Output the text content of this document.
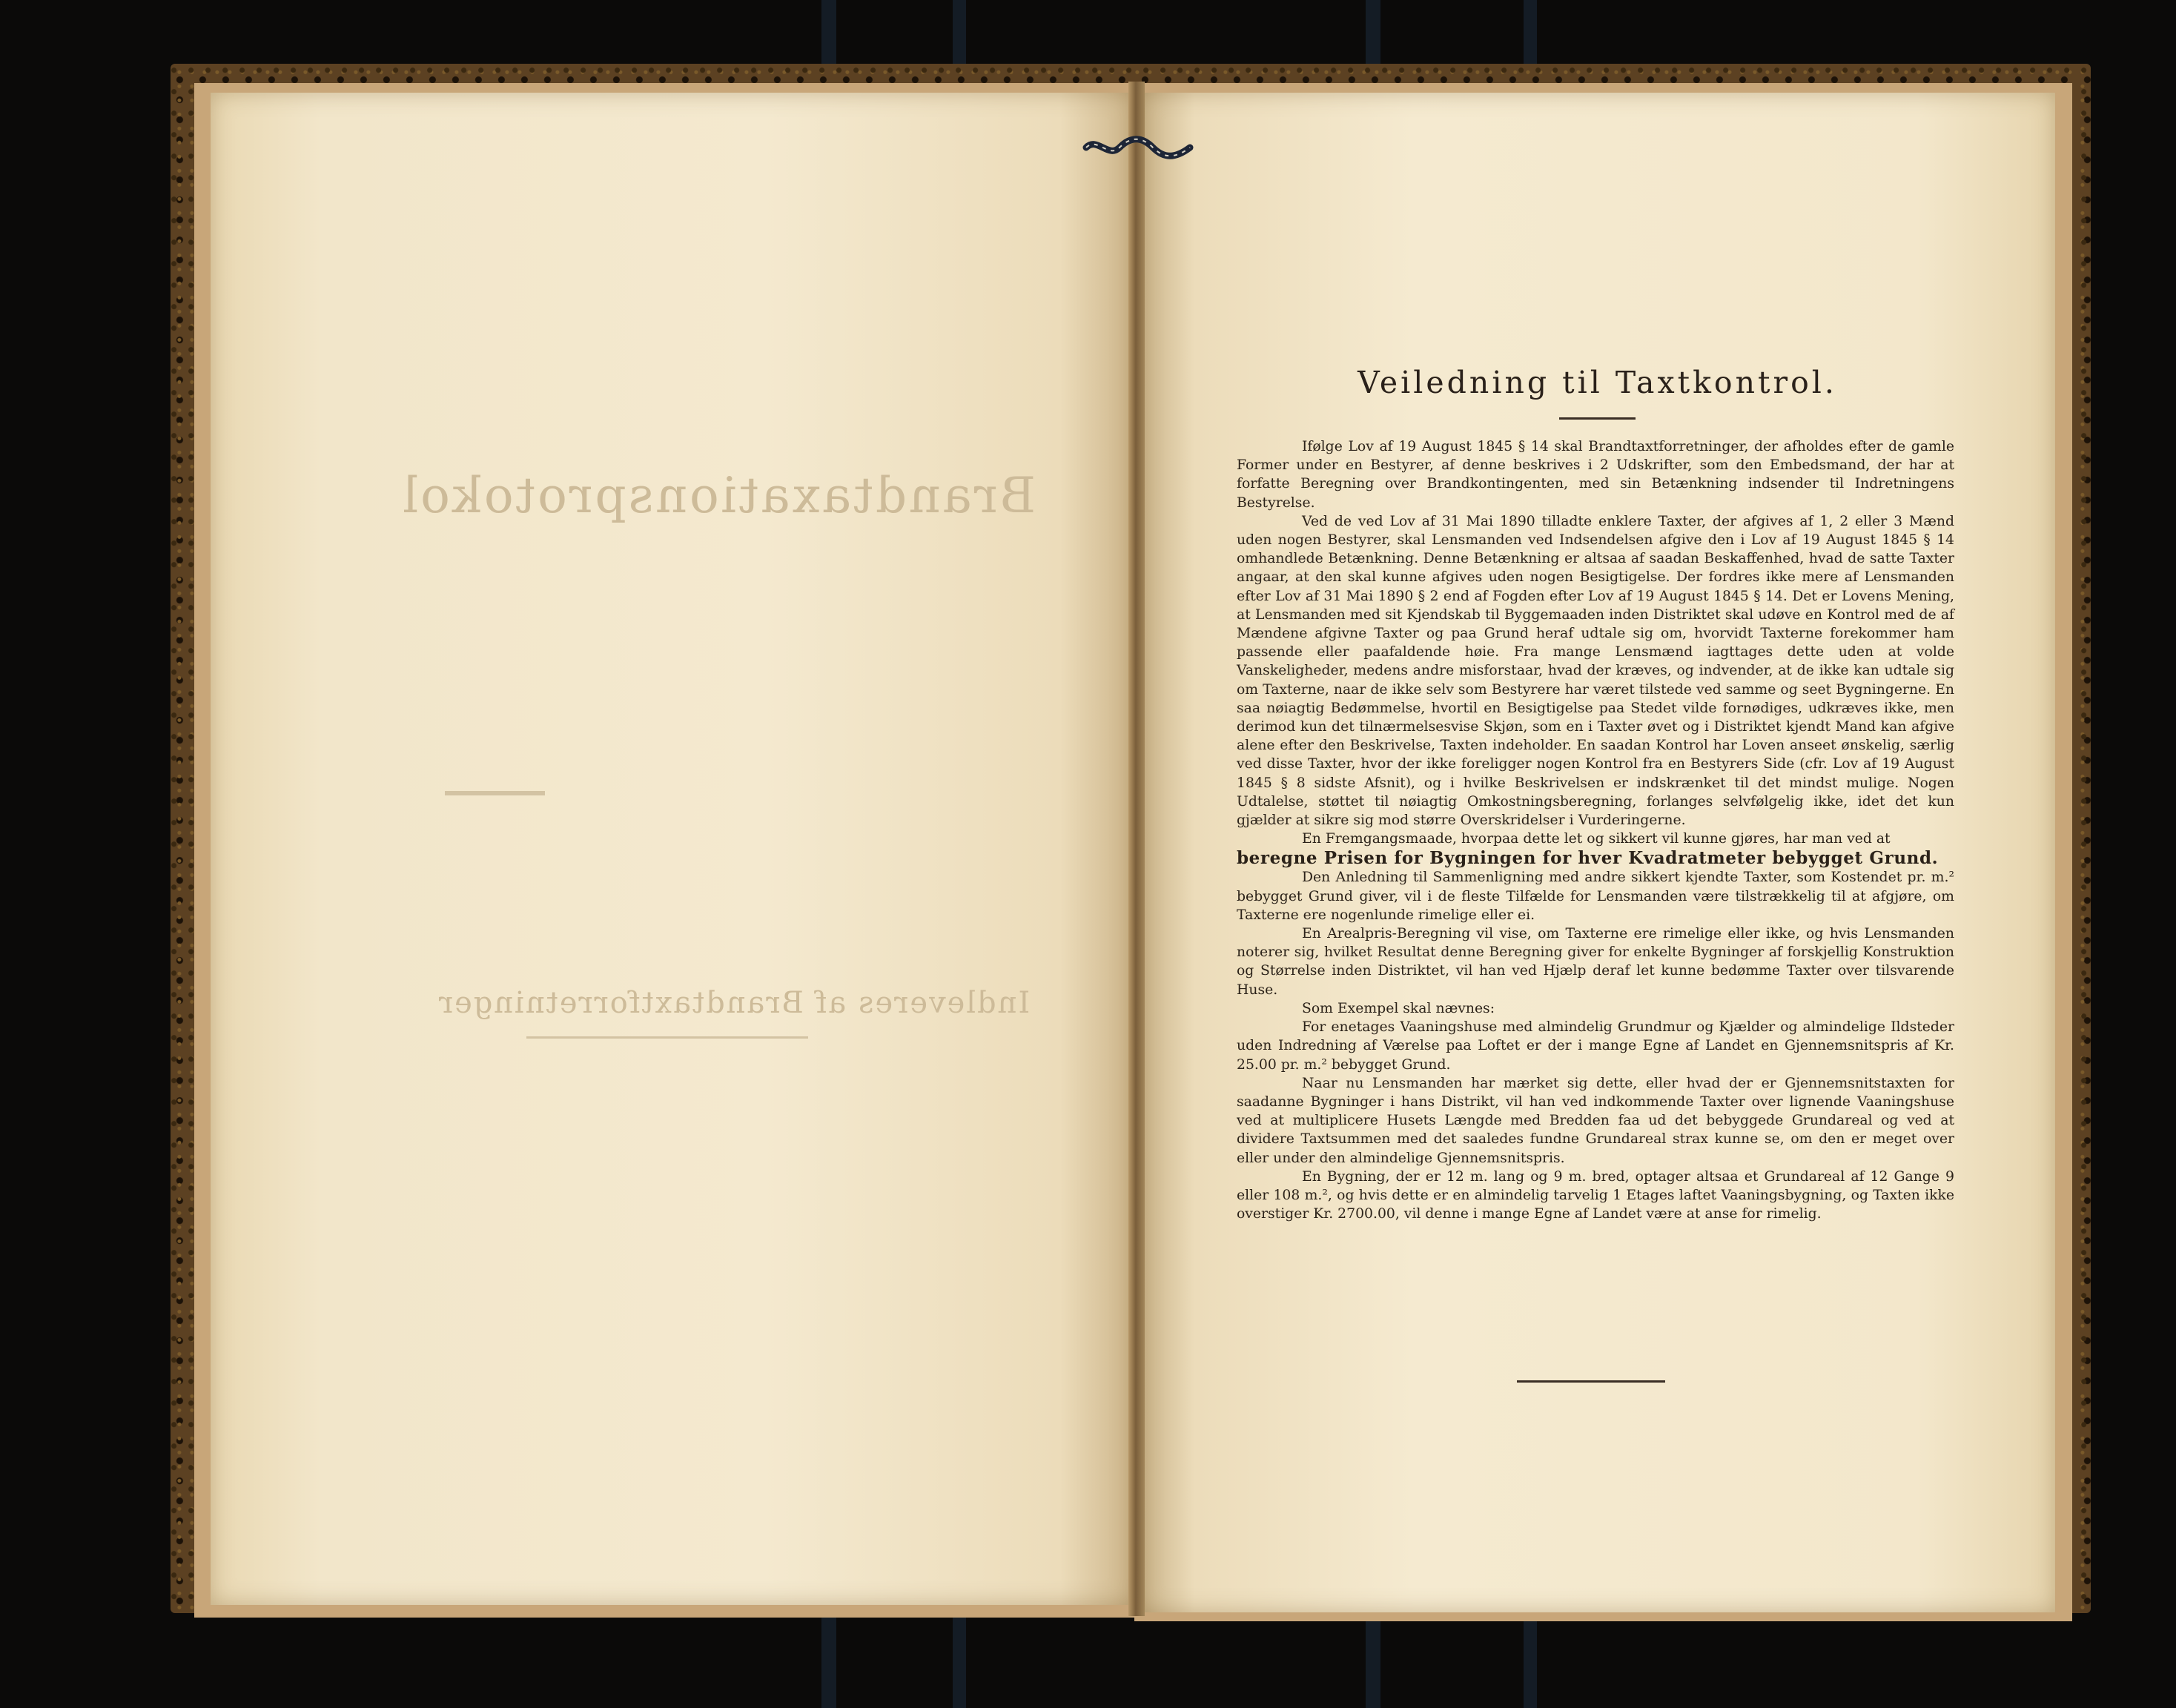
Brandtaxationsprotokol
Indleveres af Brandtaxtforretninger
Veiledning til Taxtkontrol.

Ifølge Lov af 19 August 1845 § 14 skal Brandtaxtforretninger, der afholdes efter de gamle Former under en Bestyrer, af denne beskrives i 2 Udskrifter, som den Embedsmand, der har at forfatte Beregning over Brandkontingenten, med sin Betænkning indsender til Indretningens Bestyrelse.

Ved de ved Lov af 31 Mai 1890 tilladte enklere Taxter, der afgives af 1, 2 eller 3 Mænd uden nogen Bestyrer, skal Lensmanden ved Indsendelsen afgive den i Lov af 19 August 1845 § 14 omhandlede Betænkning. Denne Betænkning er altsaa af saadan Beskaffenhed, hvad de satte Taxter angaar, at den skal kunne afgives uden nogen Besigtigelse. Der fordres ikke mere af Lensmanden efter Lov af 31 Mai 1890 § 2 end af Fogden efter Lov af 19 August 1845 § 14. Det er Lovens Mening, at Lensmanden med sit Kjendskab til Byggemaaden inden Distriktet skal udøve en Kontrol med de af Mændene afgivne Taxter og paa Grund heraf udtale sig om, hvorvidt Taxterne forekommer ham passende eller paafaldende høie. Fra mange Lensmænd iagttages dette uden at volde Vanskeligheder, medens andre misforstaar, hvad der kræves, og indvender, at de ikke kan udtale sig om Taxterne, naar de ikke selv som Bestyrere har været tilstede ved samme og seet Bygningerne. En saa nøiagtig Bedømmelse, hvortil en Besigtigelse paa Stedet vilde fornødiges, udkræves ikke, men derimod kun det tilnærmelsesvise Skjøn, som en i Taxter øvet og i Distriktet kjendt Mand kan afgive alene efter den Beskrivelse, Taxten indeholder. En saadan Kontrol har Loven anseet ønskelig, særlig ved disse Taxter, hvor der ikke foreligger nogen Kontrol fra en Bestyrers Side (cfr. Lov af 19 August 1845 § 8 sidste Afsnit), og i hvilke Beskrivelsen er indskrænket til det mindst mulige. Nogen Udtalelse, støttet til nøiagtig Omkostningsberegning, forlanges selvfølgelig ikke, idet det kun gjælder at sikre sig mod større Overskridelser i Vurderingerne.

En Fremgangsmaade, hvorpaa dette let og sikkert vil kunne gjøres, har man ved at

beregne Prisen for Bygningen for hver Kvadratmeter bebygget Grund.

Den Anledning til Sammenligning med andre sikkert kjendte Taxter, som Kostendet pr. m.² bebygget Grund giver, vil i de fleste Tilfælde for Lensmanden være tilstrækkelig til at afgjøre, om Taxterne ere nogenlunde rimelige eller ei.

En Arealpris-Beregning vil vise, om Taxterne ere rimelige eller ikke, og hvis Lensmanden noterer sig, hvilket Resultat denne Beregning giver for enkelte Bygninger af forskjellig Konstruktion og Størrelse inden Distriktet, vil han ved Hjælp deraf let kunne bedømme Taxter over tilsvarende Huse.

Som Exempel skal nævnes:

For enetages Vaaningshuse med almindelig Grundmur og Kjælder og almindelige Ildsteder uden Indredning af Værelse paa Loftet er der i mange Egne af Landet en Gjennemsnitspris af Kr. 25.00 pr. m.² bebygget Grund.

Naar nu Lensmanden har mærket sig dette, eller hvad der er Gjennemsnitstaxten for saadanne Bygninger i hans Distrikt, vil han ved indkommende Taxter over lignende Vaaningshuse ved at multiplicere Husets Længde med Bredden faa ud det bebyggede Grundareal og ved at dividere Taxtsummen med det saaledes fundne Grundareal strax kunne se, om den er meget over eller under den almindelige Gjennemsnitspris.

En Bygning, der er 12 m. lang og 9 m. bred, optager altsaa et Grundareal af 12 Gange 9 eller 108 m.², og hvis dette er en almindelig tarvelig 1 Etages laftet Vaaningsbygning, og Taxten ikke overstiger Kr. 2700.00, vil denne i mange Egne af Landet være at anse for rimelig.
